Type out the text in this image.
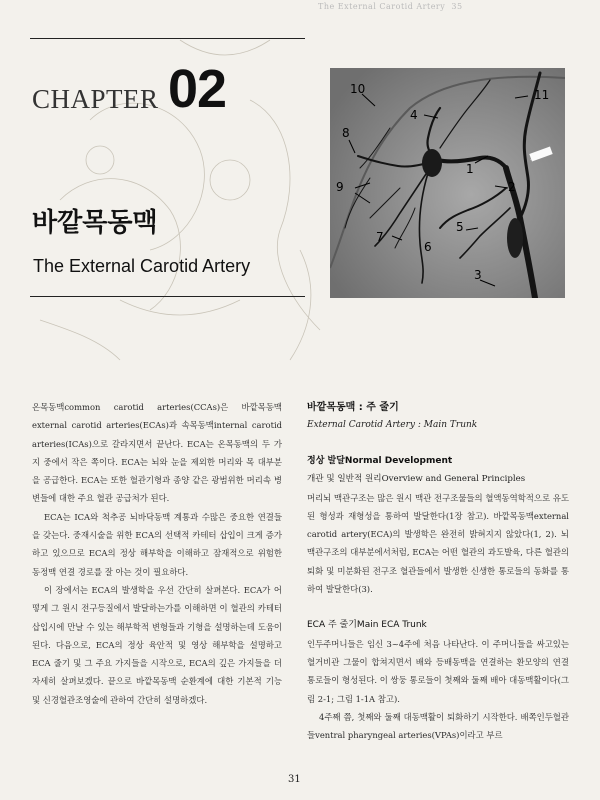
The External Carotid Artery 35
CHAPTER 02
바깥목동맥
The External Carotid Artery
10
4
11
8
1
9	2
5
7
6
3

온목동맥common carotid arteries(CCAs)은 바깥목동맥external carotid arteries(ECAs)과 속목동맥internal carotid arteries(ICAs)으로 갈라지면서 끝난다. ECA는 온목동맥의 두 가지 중에서 작은 쪽이다. ECA는 뇌와 눈을 제외한 머리와 목 대부분을 공급한다. ECA는 또한 혈관기형과 종양 같은 광범위한 머리속 병변들에 대한 주요 혈관 공급처가 된다.

ECA는 ICA와 척추공 뇌바닥동맥 계통과 수많은 중요한 연결들을 갖는다. 중재시술을 위한 ECA의 선택적 카테터 삽입이 크게 증가하고 있으므로 ECA의 정상 해부학을 이해하고 잠재적으로 위험한 동정맥 연결 경로를 잘 아는 것이 필요하다.

이 장에서는 ECA의 발생학을 우선 간단히 살펴본다. ECA가 어떻게 그 원시 전구등질에서 발달하는가를 이해하면 이 혈관의 카테터 삽입시에 만날 수 있는 해부학적 변형들과 기형을 설명하는데 도움이 된다. 다음으로, ECA의 정상 육안적 및 영상 해부학을 설명하고 ECA 줄기 및 그 주요 가지들을 시작으로, ECA의 깊은 가지들을 더 자세히 살펴보겠다. 끝으로 바깥목동맥 순환계에 대한 기본적 기능 및 신경혈관조영술에 관하여 간단히 설명하겠다.

바깥목동맥 : 주 줄기
External Carotid Artery : Main Trunk
정상 발달Normal Development
개관 및 일반적 원리Overview and General Principles

머리뇌 맥관구조는 많은 원시 맥관 전구조물들의 혈액동역학적으로 유도된 형성과 재형성을 통하여 발달한다(1장 참고). 바깥목동맥external carotid artery(ECA)의 발생학은 완전히 밝혀지지 않았다(1, 2). 뇌 맥관구조의 대부분에서처럼, ECA는 어떤 혈관의 과도발육, 다른 혈관의 퇴화 및 미분화된 전구조 혈관들에서 발생한 신생한 통로들의 동화를 통하여 발달한다(3).

ECA 주 줄기Main ECA Trunk

인두주머니들은 임신 3~4주에 처음 나타난다. 이 주머니들을 싸고있는 혈거비관 그물이 합쳐지면서 배와 등배동맥을 연결하는 환모양의 연결 통로들이 형성된다. 이 쌍둥 통로들이 첫째와 둘째 배아 대동맥활이다(그림 2-1; 그림 1-1A 참고).

4주째 쯤, 첫째와 둘째 대동맥활이 퇴화하기 시작한다. 배쪽인두혈관들ventral pharyngeal arteries(VPAs)이라고 부르

31
